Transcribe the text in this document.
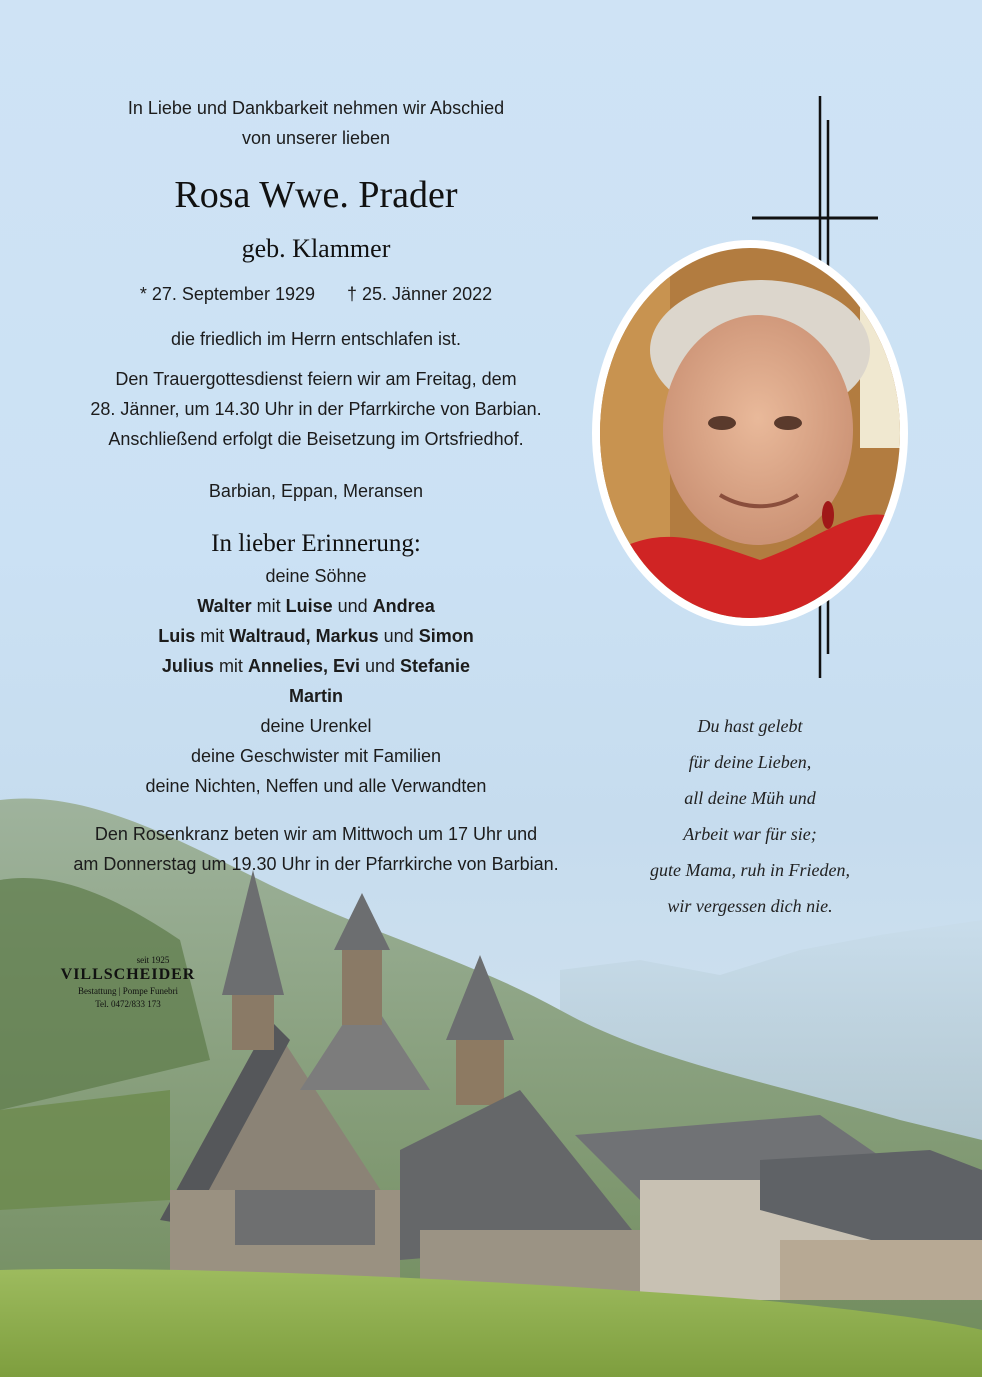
In Liebe und Dankbarkeit nehmen wir Abschied

von unserer lieben

Rosa Wwe. Prader

geb. Klammer

* 27. September 1929 † 25. Jänner 2022

die friedlich im Herrn entschlafen ist.

Den Trauergottesdienst feiern wir am Freitag, dem

28. Jänner, um 14.30 Uhr in der Pfarrkirche von Barbian.

Anschließend erfolgt die Beisetzung im Ortsfriedhof.

Barbian, Eppan, Meransen

In lieber Erinnerung:

deine Söhne

Walter mit Luise und Andrea

Luis mit Waltraud, Markus und Simon

Julius mit Annelies, Evi und Stefanie

Martin

deine Urenkel

deine Geschwister mit Familien

deine Nichten, Neffen und alle Verwandten

Den Rosenkranz beten wir am Mittwoch um 17 Uhr und

am Donnerstag um 19.30 Uhr in der Pfarrkirche von Barbian.

Du hast gelebt
für deine Lieben,
all deine Müh und
Arbeit war für sie;
gute Mama, ruh in Frieden,
wir vergessen dich nie.
seit 1925
VILLSCHEIDER
Bestattung | Pompe Funebri
Tel. 0472/833 173
